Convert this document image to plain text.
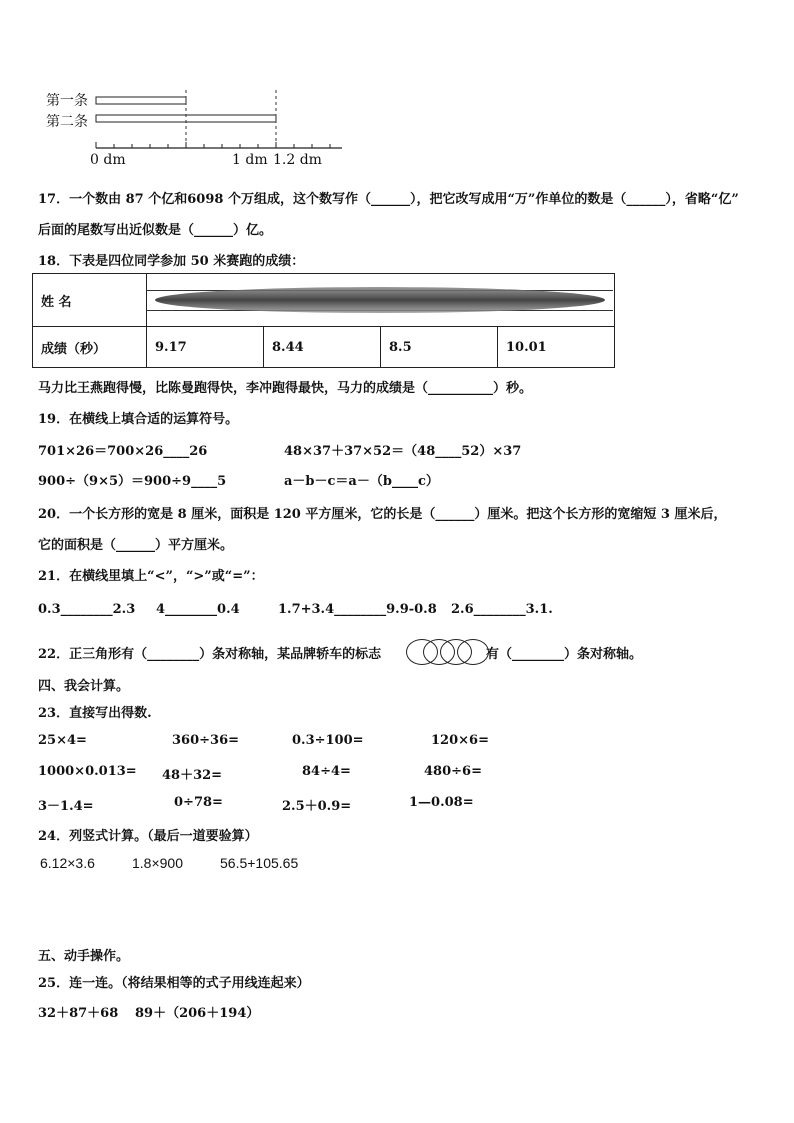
第一条
第二条
0 dm	1 dm 1.2 dm
17．一个数由 87 个亿和6098 个万组成，这个数写作（______），把它改写成用“万”作单位的数是（______），省略“亿”
后面的尾数写出近似数是（______）亿。
18．下表是四位同学参加 50 米赛跑的成绩：
姓 名				

成绩（秒）	9.17	8.44	8.5	10.01
马力比王燕跑得慢，比陈曼跑得快，李冲跑得最快，马力的成绩是（__________）秒。
19．在横线上填合适的运算符号。
701×26＝700×26____26	48×37＋37×52＝（48____52）×37
900÷（9×5）＝900÷9____5	a－b－c＝a－（b____c）
20．一个长方形的宽是 8 厘米，面积是 120 平方厘米，它的长是（______）厘米。把这个长方形的宽缩短 3 厘米后，
它的面积是（______）平方厘米。
21．在横线里填上“<”，“>”或“=”：
0.3________2.3 4________0.4	1.7+3.4________9.9-0.8 2.6________3.1.
22．正三角形有（________）条对称轴，某品牌轿车的标志	有（________）条对称轴。
四、我会计算。
23．直接写出得数.
25×4=	360÷36=	0.3÷100=	120×6=
1000×0.013= 48＋32=	84÷4=	480÷6=
3－1.4=	0÷78=	2.5＋0.9=	1—0.08=
24．列竖式计算。（最后一道要验算）
6.12×3.6	1.8×900	56.5+105.65
五、动手操作。
25．连一连。（将结果相等的式子用线连起来）
32＋87＋68 89＋（206＋194）
